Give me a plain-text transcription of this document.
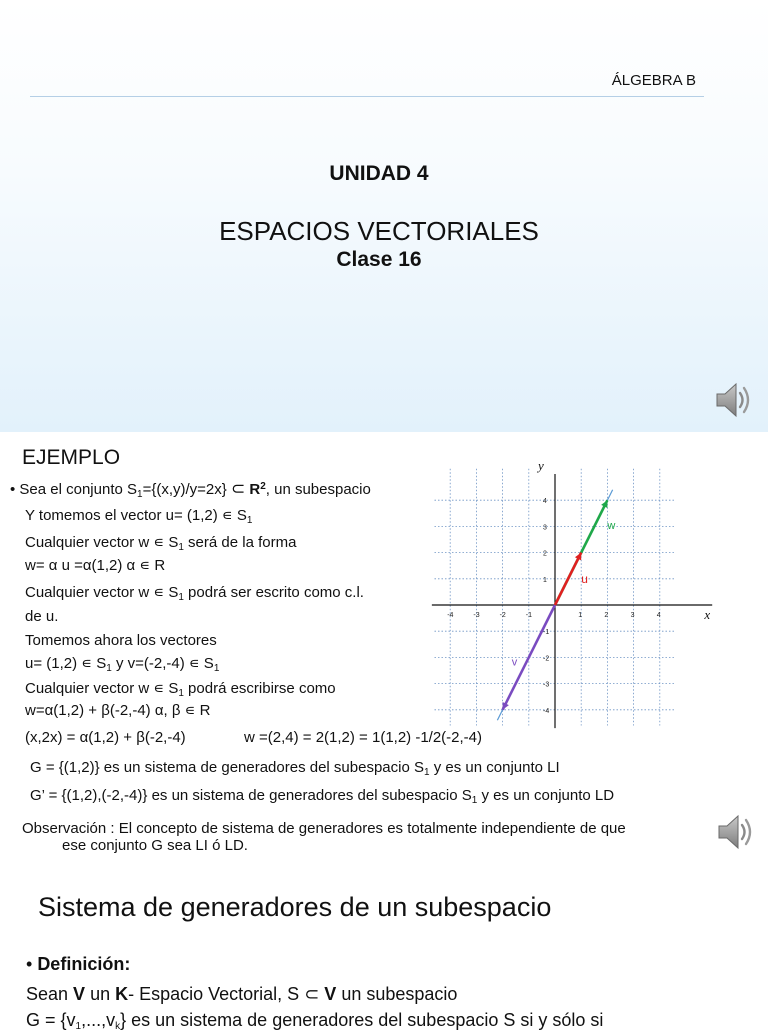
ÁLGEBRA B
UNIDAD 4
ESPACIOS VECTORIALES
Clase 16
EJEMPLO
• Sea el conjunto $S_1=\{(x,y)/y=2x\}$ ⊂ $R^2$, un subespacio
Y tomemos el vector u= (1,2) ∊ $S_1$
Cualquier vector w ∊ $S_1$ será de la forma
w= α u =α(1,2) α ∊ R
Cualquier vector w ∊ $S_1$ podrá ser escrito como c.l.
de u.
Tomemos ahora los vectores
u= (1,2) ∊ $S_1$ y v=(-2,-4) ∊ $S_1$
Cualquier vector w ∊ $S_1$ podrá escribirse como
w=α(1,2) + β(-2,-4) α, β ∊ R
(x,2x) = α(1,2) + β(-2,-4)	w =(2,4) = 2(1,2) = 1(1,2) -1/2(-2,-4)
G = {(1,2)} es un sistema de generadores del subespacio $S_1$ y es un conjunto LI
G’ = {(1,2),(-2,-4)} es un sistema de generadores del subespacio $S_1$ y es un conjunto LD
Observación : El concepto de sistema de generadores es totalmente independiente de que
ese conjunto G sea LI ó LD.
x
y
-4	-3	-2	-1	1	2	3	4
4
3
2
1
-1
-2
-3
-4
w
u
v
Sistema de generadores de un subespacio
• Definición:
Sean V un K- Espacio Vectorial, S ⊂ V un subespacio
$G = \{v_1,...,v_k\}$ es un sistema de generadores del subespacio S si y sólo si
